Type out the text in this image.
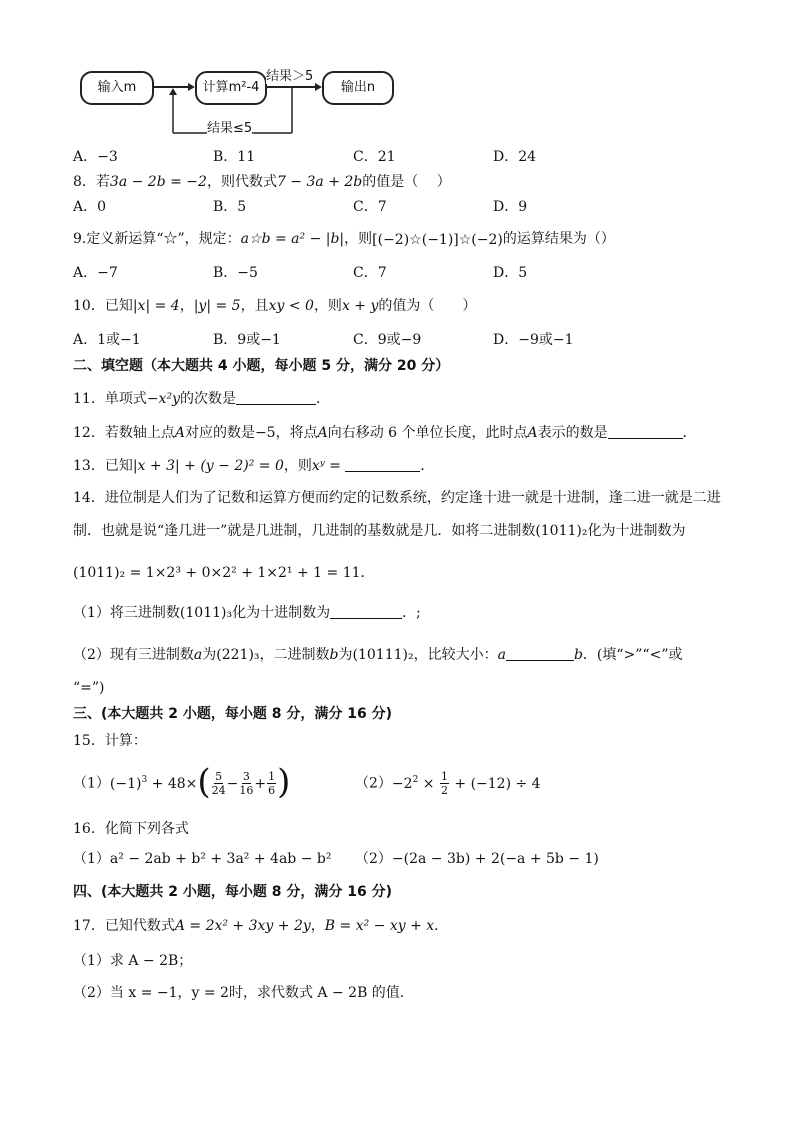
输入m	计算m²-4	输出n
结果＞5
结果≤5
A．−3	B．11	C．21	D．24
8．若3a − 2b = −2，则代数式7 − 3a + 2b的值是（　 ）
A．0	B．5	C．7	D．9
9.定义新运算“☆”，规定：a☆b = a² − |b|，则[(−2)☆(−1)]☆(−2)的运算结果为（）
A．−7	B．−5	C．7	D．5
10．已知|x| = 4，|y| = 5，且xy < 0，则x + y的值为（　　）
A．1或−1	B．9或−1	C．9或−9	D．−9或−1
二、填空题（本大题共 4 小题，每小题 5 分，满分 20 分）
11．单项式−x²y的次数是	．
12．若数轴上点A对应的数是−5，将点A向右移动 6 个单位长度，此时点A表示的数是	．
13．已知|x + 3| + (y − 2)² = 0，则xʸ =	．
14．进位制是人们为了记数和运算方便而约定的记数系统，约定逢十进一就是十进制，逢二进一就是二进
制．也就是说“逢几进一”就是几进制，几进制的基数就是几．如将二进制数(1011)₂化为十进制数为
(1011)₂ = 1×2³ + 0×2² + 1×2¹ + 1 = 11．
（1）将三进制数(1011)₃化为十进制数为	．;
（2）现有三进制数a为(221)₃，二进制数b为(10111)₂，比较大小：a	b．(填“>”“<”或
“=”)
三、(本大题共 2 小题，每小题 8 分，满分 16 分)
15．计算：
$(1)(-1)^3 + 48\times( \frac{5}{24} - \frac{3}{16} + \frac{1}{6}$ )	$(2)-2^2 \times \frac{1}{2} + (-12) \div 4$
16．化简下列各式
（1）a² − 2ab + b² + 3a² + 4ab − b² （2）−(2a − 3b) + 2(−a + 5b − 1)
四、(本大题共 2 小题，每小题 8 分，满分 16 分)
17．已知代数式A = 2x² + 3xy + 2y，B = x² − xy + x．
（1）求 A − 2B；
（2）当 x = −1，y = 2时，求代数式 A − 2B 的值.
